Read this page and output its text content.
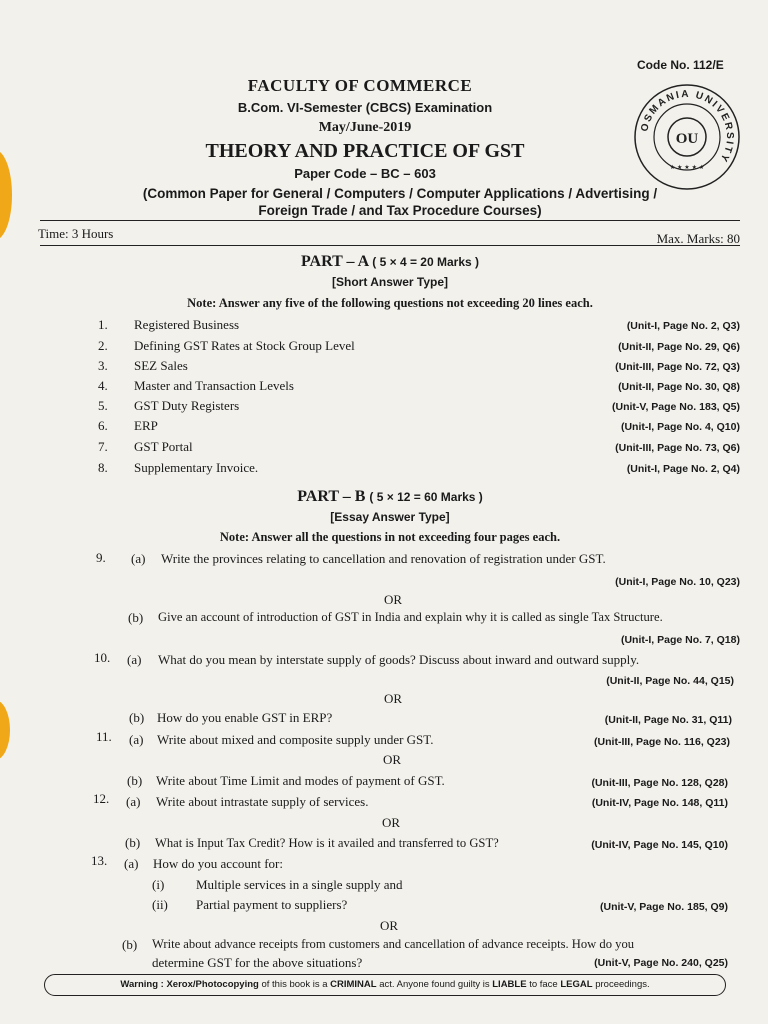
Code No. 112/E
OSMANIA UNIVERSITY
OU
★ ★ ★ ★ ★
FACULTY OF COMMERCE
B.Com. VI-Semester (CBCS) Examination
May/June-2019
THEORY AND PRACTICE OF GST
Paper Code – BC – 603
(Common Paper for General / Computers / Computer Applications / Advertising /
Foreign Trade / and Tax Procedure Courses)
Time: 3 Hours	Max. Marks: 80
PART – A ( 5 × 4 = 20 Marks )
[Short Answer Type]
Note: Answer any five of the following questions not exceeding 20 lines each.
1. Registered Business	(Unit-I, Page No. 2, Q3)
2. Defining GST Rates at Stock Group Level	(Unit-II, Page No. 29, Q6)
3. SEZ Sales	(Unit-III, Page No. 72, Q3)
4. Master and Transaction Levels	(Unit-II, Page No. 30, Q8)
5. GST Duty Registers	(Unit-V, Page No. 183, Q5)
6. ERP	(Unit-I, Page No. 4, Q10)
7. GST Portal	(Unit-III, Page No. 73, Q6)
8. Supplementary Invoice.	(Unit-I, Page No. 2, Q4)
PART – B ( 5 × 12 = 60 Marks )
[Essay Answer Type]
Note: Answer all the questions in not exceeding four pages each.
9. (a) Write the provinces relating to cancellation and renovation of registration under GST.
(Unit-I, Page No. 10, Q23)
OR
(b) Give an account of introduction of GST in India and explain why it is called as single Tax Structure.
(Unit-I, Page No. 7, Q18)
10. (a) What do you mean by interstate supply of goods? Discuss about inward and outward supply.
(Unit-II, Page No. 44, Q15)
OR
(b) How do you enable GST in ERP?	(Unit-II, Page No. 31, Q11)
11. (a) Write about mixed and composite supply under GST.	(Unit-III, Page No. 116, Q23)
OR
(b) Write about Time Limit and modes of payment of GST.	(Unit-III, Page No. 128, Q28)
12. (a) Write about intrastate supply of services.	(Unit-IV, Page No. 148, Q11)
OR
(b) What is Input Tax Credit? How is it availed and transferred to GST?	(Unit-IV, Page No. 145, Q10)
13. (a) How do you account for:
(i) Multiple services in a single supply and
(ii) Partial payment to suppliers?	(Unit-V, Page No. 185, Q9)
OR
(b) Write about advance receipts from customers and cancellation of advance receipts. How do you
determine GST for the above situations?	(Unit-V, Page No. 240, Q25)
Warning : Xerox/Photocopying of this book is a CRIMINAL act. Anyone found guilty is LIABLE to face LEGAL proceedings.
